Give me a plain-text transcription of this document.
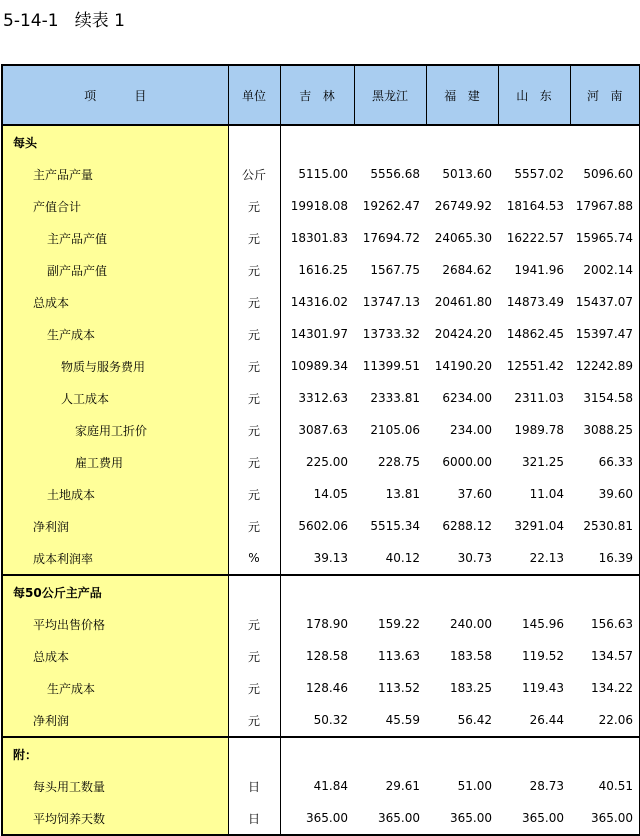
5-14-1   续表 1
项          目	单位	吉   林	黑龙江	福   建	山   东	河   南
每头						
主产品产量	公斤	5115.00	5556.68	5013.60	5557.02	5096.60
产值合计	元	19918.08	19262.47	26749.92	18164.53	17967.88
主产品产值	元	18301.83	17694.72	24065.30	16222.57	15965.74
副产品产值	元	1616.25	1567.75	2684.62	1941.96	2002.14
总成本	元	14316.02	13747.13	20461.80	14873.49	15437.07
生产成本	元	14301.97	13733.32	20424.20	14862.45	15397.47
物质与服务费用	元	10989.34	11399.51	14190.20	12551.42	12242.89
人工成本	元	3312.63	2333.81	6234.00	2311.03	3154.58
家庭用工折价	元	3087.63	2105.06	234.00	1989.78	3088.25
雇工费用	元	225.00	228.75	6000.00	321.25	66.33
土地成本	元	14.05	13.81	37.60	11.04	39.60
净利润	元	5602.06	5515.34	6288.12	3291.04	2530.81
成本利润率	%	39.13	40.12	30.73	22.13	16.39
每50公斤主产品						
平均出售价格	元	178.90	159.22	240.00	145.96	156.63
总成本	元	128.58	113.63	183.58	119.52	134.57
生产成本	元	128.46	113.52	183.25	119.43	134.22
净利润	元	50.32	45.59	56.42	26.44	22.06
附：						
每头用工数量	日	41.84	29.61	51.00	28.73	40.51
平均饲养天数	日	365.00	365.00	365.00	365.00	365.00
